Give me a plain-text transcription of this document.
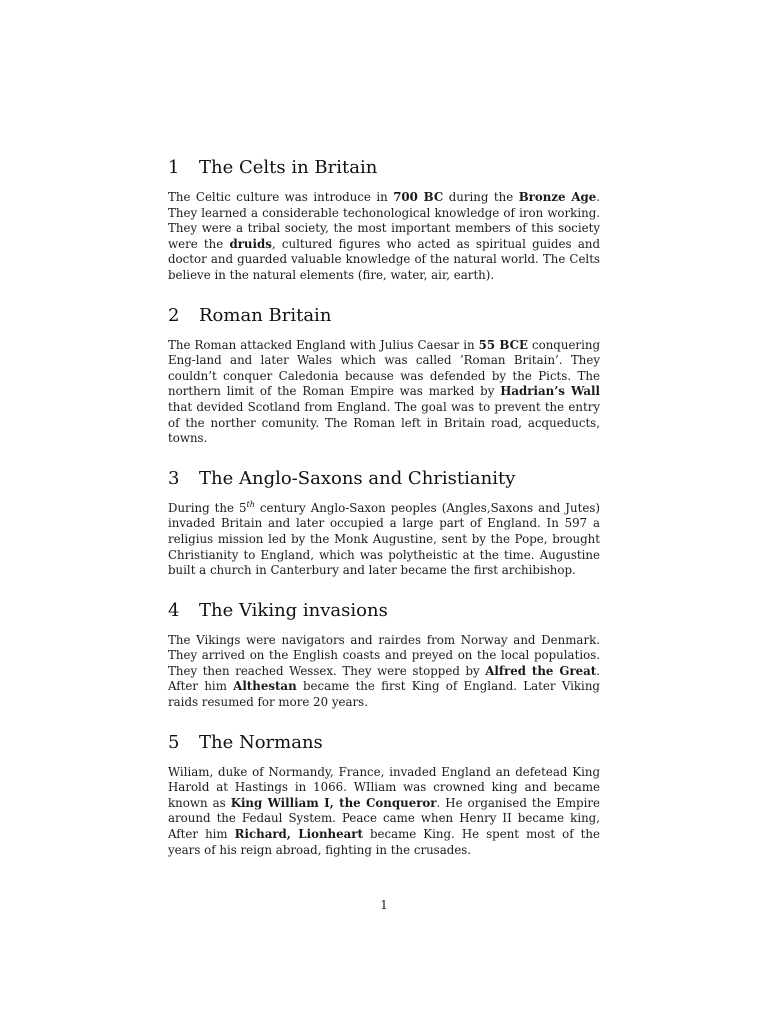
1	The Celts in Britain

The Celtic culture was introduce in 700 BC during the Bronze Age. They learned a considerable techonological knowledge of iron working. They were a tribal society, the most important members of this society were the druids, cultured figures who acted as spiritual guides and doctor and guarded valuable knowledge of the natural world. The Celts believe in the natural elements (fire, water, air, earth).

2	Roman Britain

The Roman attacked England with Julius Caesar in 55 BCE conquering Eng-land and later Wales which was called ’Roman Britain’. They couldn’t conquer Caledonia because was defended by the Picts. The northern limit of the Roman Empire was marked by Hadrian’s Wall that devided Scotland from England. The goal was to prevent the entry of the norther comunity. The Roman left in Britain road, acqueducts, towns.

3	The Anglo-Saxons and Christianity

During the 5th century Anglo-Saxon peoples (Angles,Saxons and Jutes) invaded Britain and later occupied a large part of England. In 597 a religius mission led by the Monk Augustine, sent by the Pope, brought Christianity to England, which was polytheistic at the time. Augustine built a church in Canterbury and later became the first archibishop.

4	The Viking invasions

The Vikings were navigators and rairdes from Norway and Denmark. They arrived on the English coasts and preyed on the local populatios. They then reached Wessex. They were stopped by Alfred the Great. After him Althestan became the first King of England. Later Viking raids resumed for more 20 years.

5	The Normans

Wiliam, duke of Normandy, France, invaded England an defetead King Harold at Hastings in 1066. WIliam was crowned king and became known as King William I, the Conqueror. He organised the Empire around the Fedaul System. Peace came when Henry II became king, After him Richard, Lionheart became King. He spent most of the years of his reign abroad, fighting in the crusades.

1
